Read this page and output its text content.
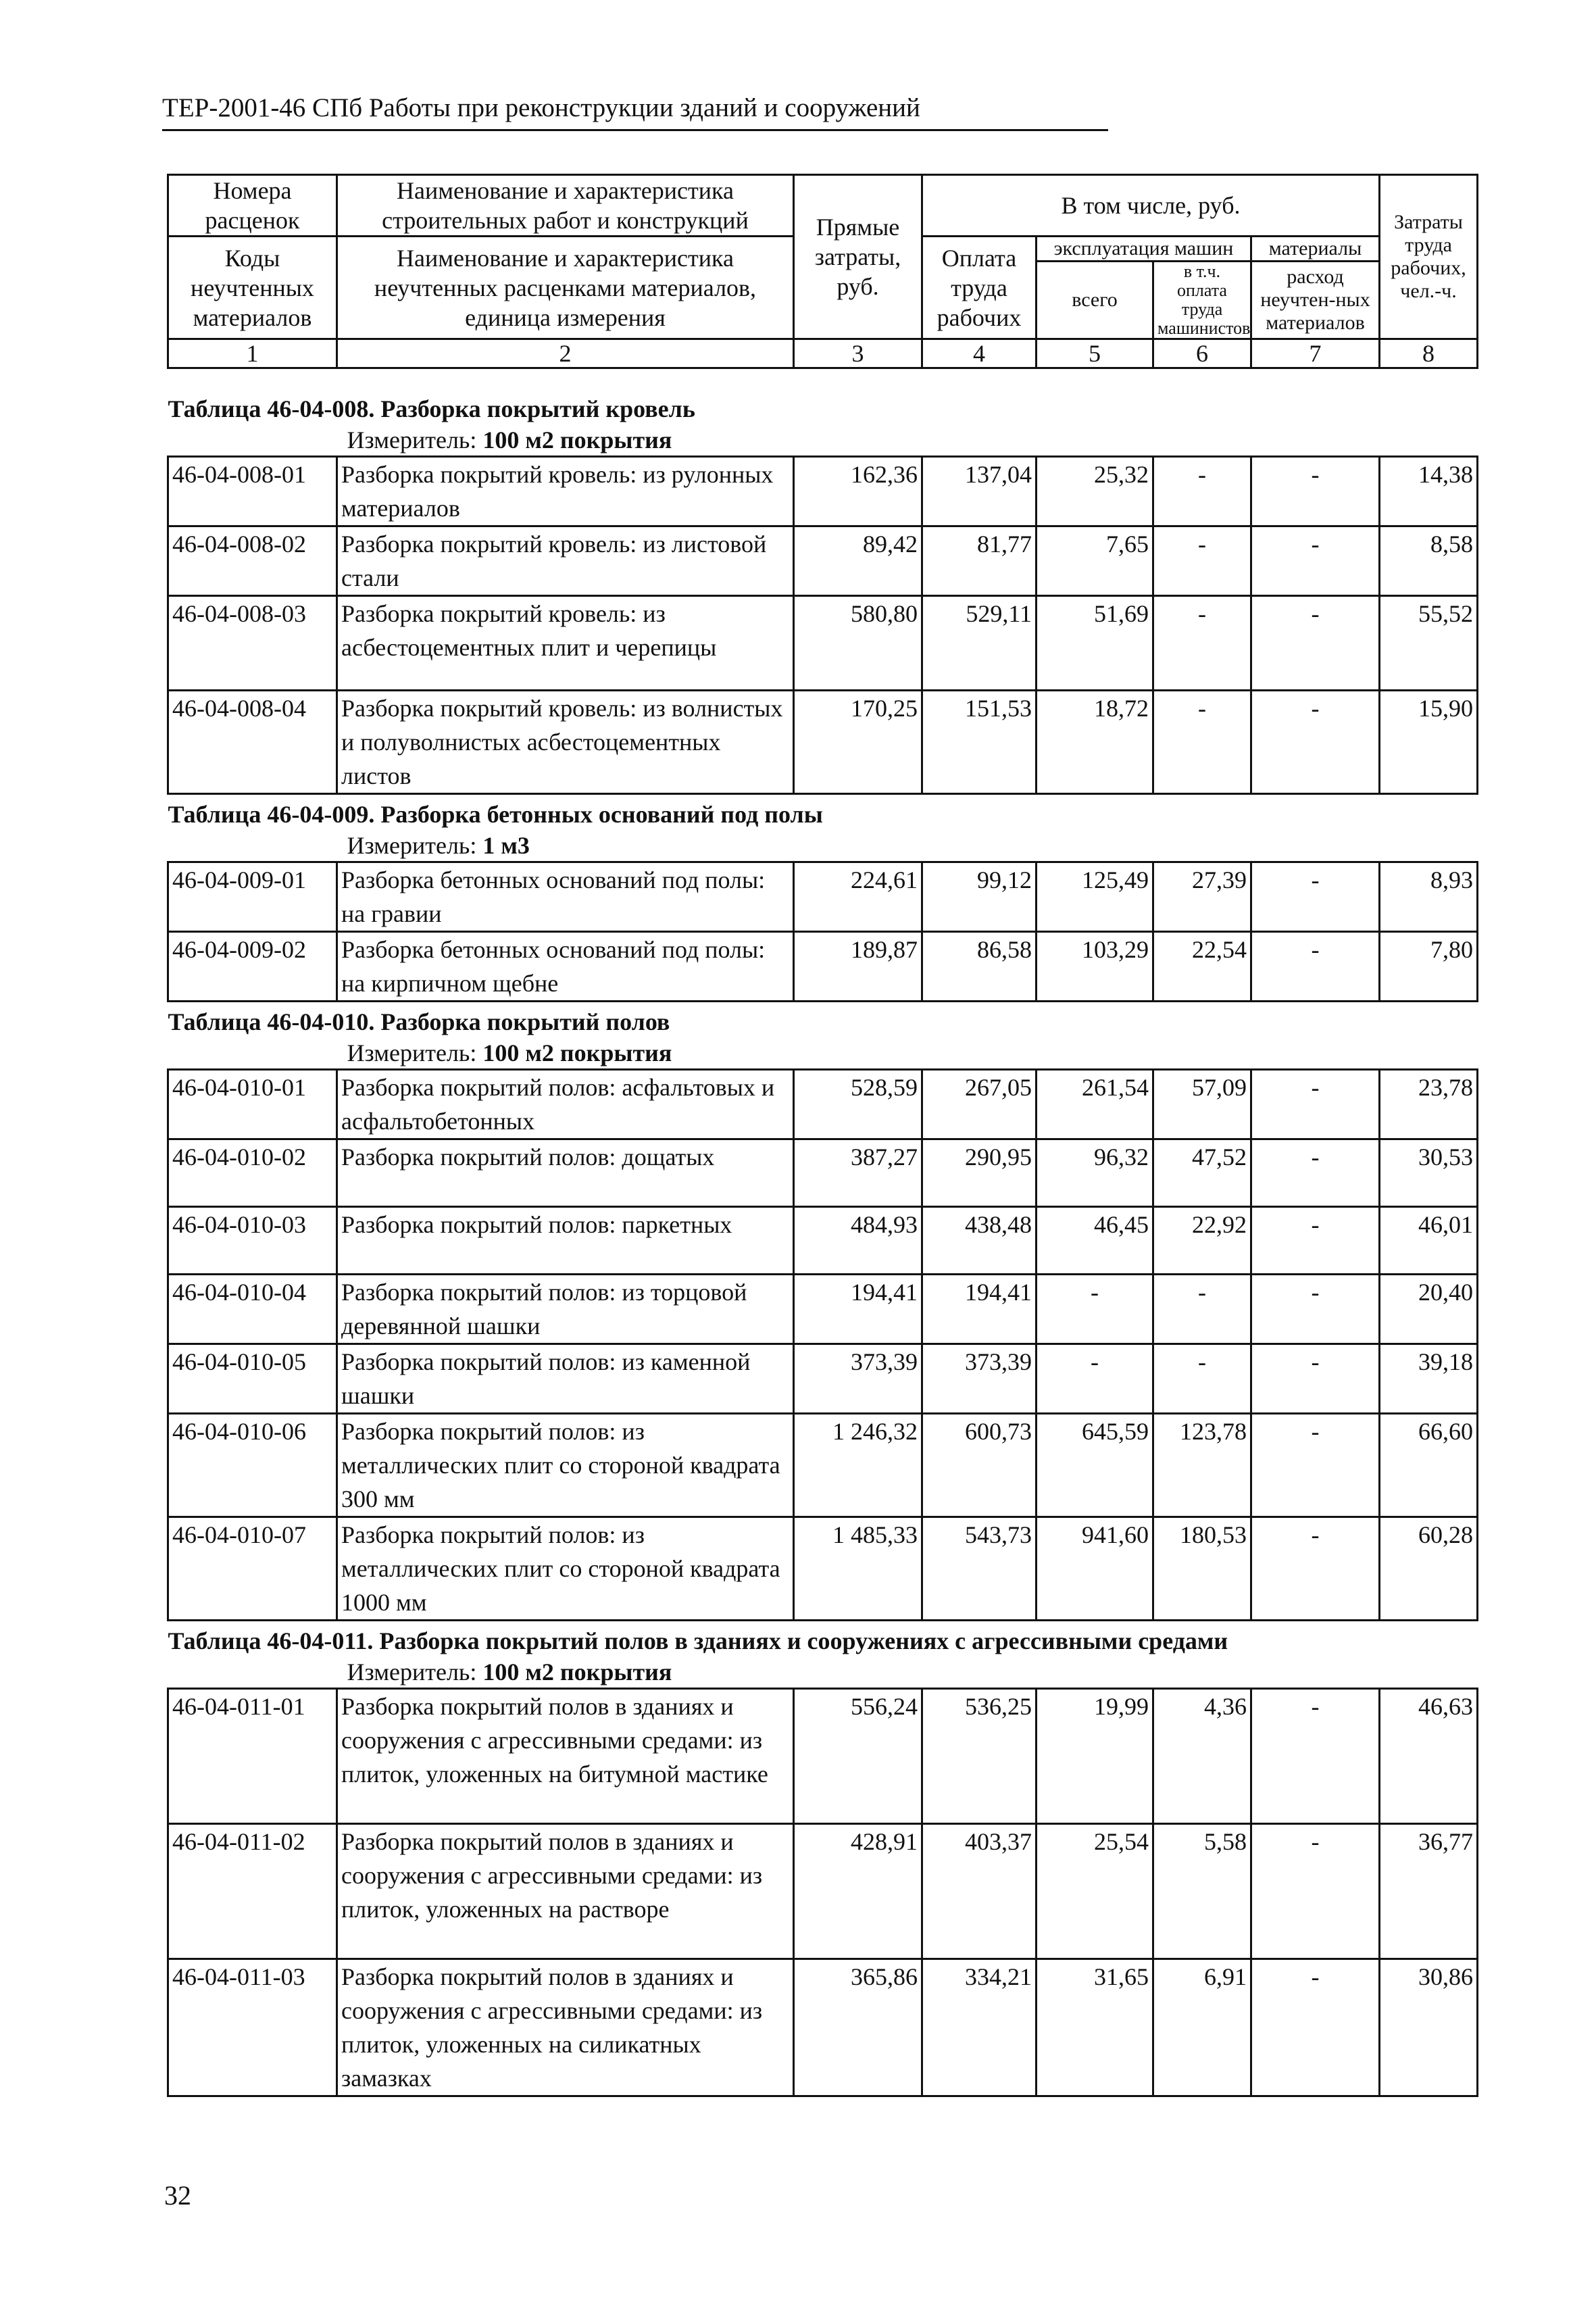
ТЕР-2001-46 СПб Работы при реконструкции зданий и сооружений
Номера расценок	Наименование и характеристика строительных работ и конструкций	Прямые затраты, руб.	В том числе, руб.				Затраты труда рабочих, чел.-ч.
Коды неучтенных материалов	Наименование и характеристика неучтенных расценками материалов, единица измерения		Оплата труда рабочих	эксплуатация машин		материалы	
				всего	в т.ч. оплата труда машинистов	расход неучтен-ных материалов	
1	2	3	4	5	6	7	8

Таблица 46-04-008. Разборка покрытий кровель							
Измеритель: 100 м2 покрытия							
46-04-008-01	Разборка покрытий кровель: из рулонных материалов	162,36	137,04	25,32	-	-	14,38
46-04-008-02	Разборка покрытий кровель: из листовой стали	89,42	81,77	7,65	-	-	8,58
46-04-008-03	Разборка покрытий кровель: из асбестоцементных плит и черепицы	580,80	529,11	51,69	-	-	55,52
46-04-008-04	Разборка покрытий кровель: из волнистых и полуволнистых асбестоцементных листов	170,25	151,53	18,72	-	-	15,90
Таблица 46-04-009. Разборка бетонных оснований под полы							
Измеритель: 1 м3							
46-04-009-01	Разборка бетонных оснований под полы: на гравии	224,61	99,12	125,49	27,39	-	8,93
46-04-009-02	Разборка бетонных оснований под полы: на кирпичном щебне	189,87	86,58	103,29	22,54	-	7,80
Таблица 46-04-010. Разборка покрытий полов							
Измеритель: 100 м2 покрытия							
46-04-010-01	Разборка покрытий полов: асфальтовых и асфальтобетонных	528,59	267,05	261,54	57,09	-	23,78
46-04-010-02	Разборка покрытий полов: дощатых	387,27	290,95	96,32	47,52	-	30,53
46-04-010-03	Разборка покрытий полов: паркетных	484,93	438,48	46,45	22,92	-	46,01
46-04-010-04	Разборка покрытий полов: из торцовой деревянной шашки	194,41	194,41	-	-	-	20,40
46-04-010-05	Разборка покрытий полов: из каменной шашки	373,39	373,39	-	-	-	39,18
46-04-010-06	Разборка покрытий полов: из металлических плит со стороной квадрата 300 мм	1 246,32	600,73	645,59	123,78	-	66,60
46-04-010-07	Разборка покрытий полов: из металлических плит со стороной квадрата 1000 мм	1 485,33	543,73	941,60	180,53	-	60,28
Таблица 46-04-011. Разборка покрытий полов в зданиях и сооружениях с агрессивными средами							
Измеритель: 100 м2 покрытия							
46-04-011-01	Разборка покрытий полов в зданиях и сооружения с агрессивными средами: из плиток, уложенных на битумной мастике	556,24	536,25	19,99	4,36	-	46,63
46-04-011-02	Разборка покрытий полов в зданиях и сооружения с агрессивными средами: из плиток, уложенных на растворе	428,91	403,37	25,54	5,58	-	36,77
46-04-011-03	Разборка покрытий полов в зданиях и сооружения с агрессивными средами: из плиток, уложенных на силикатных замазках	365,86	334,21	31,65	6,91	-	30,86
32
